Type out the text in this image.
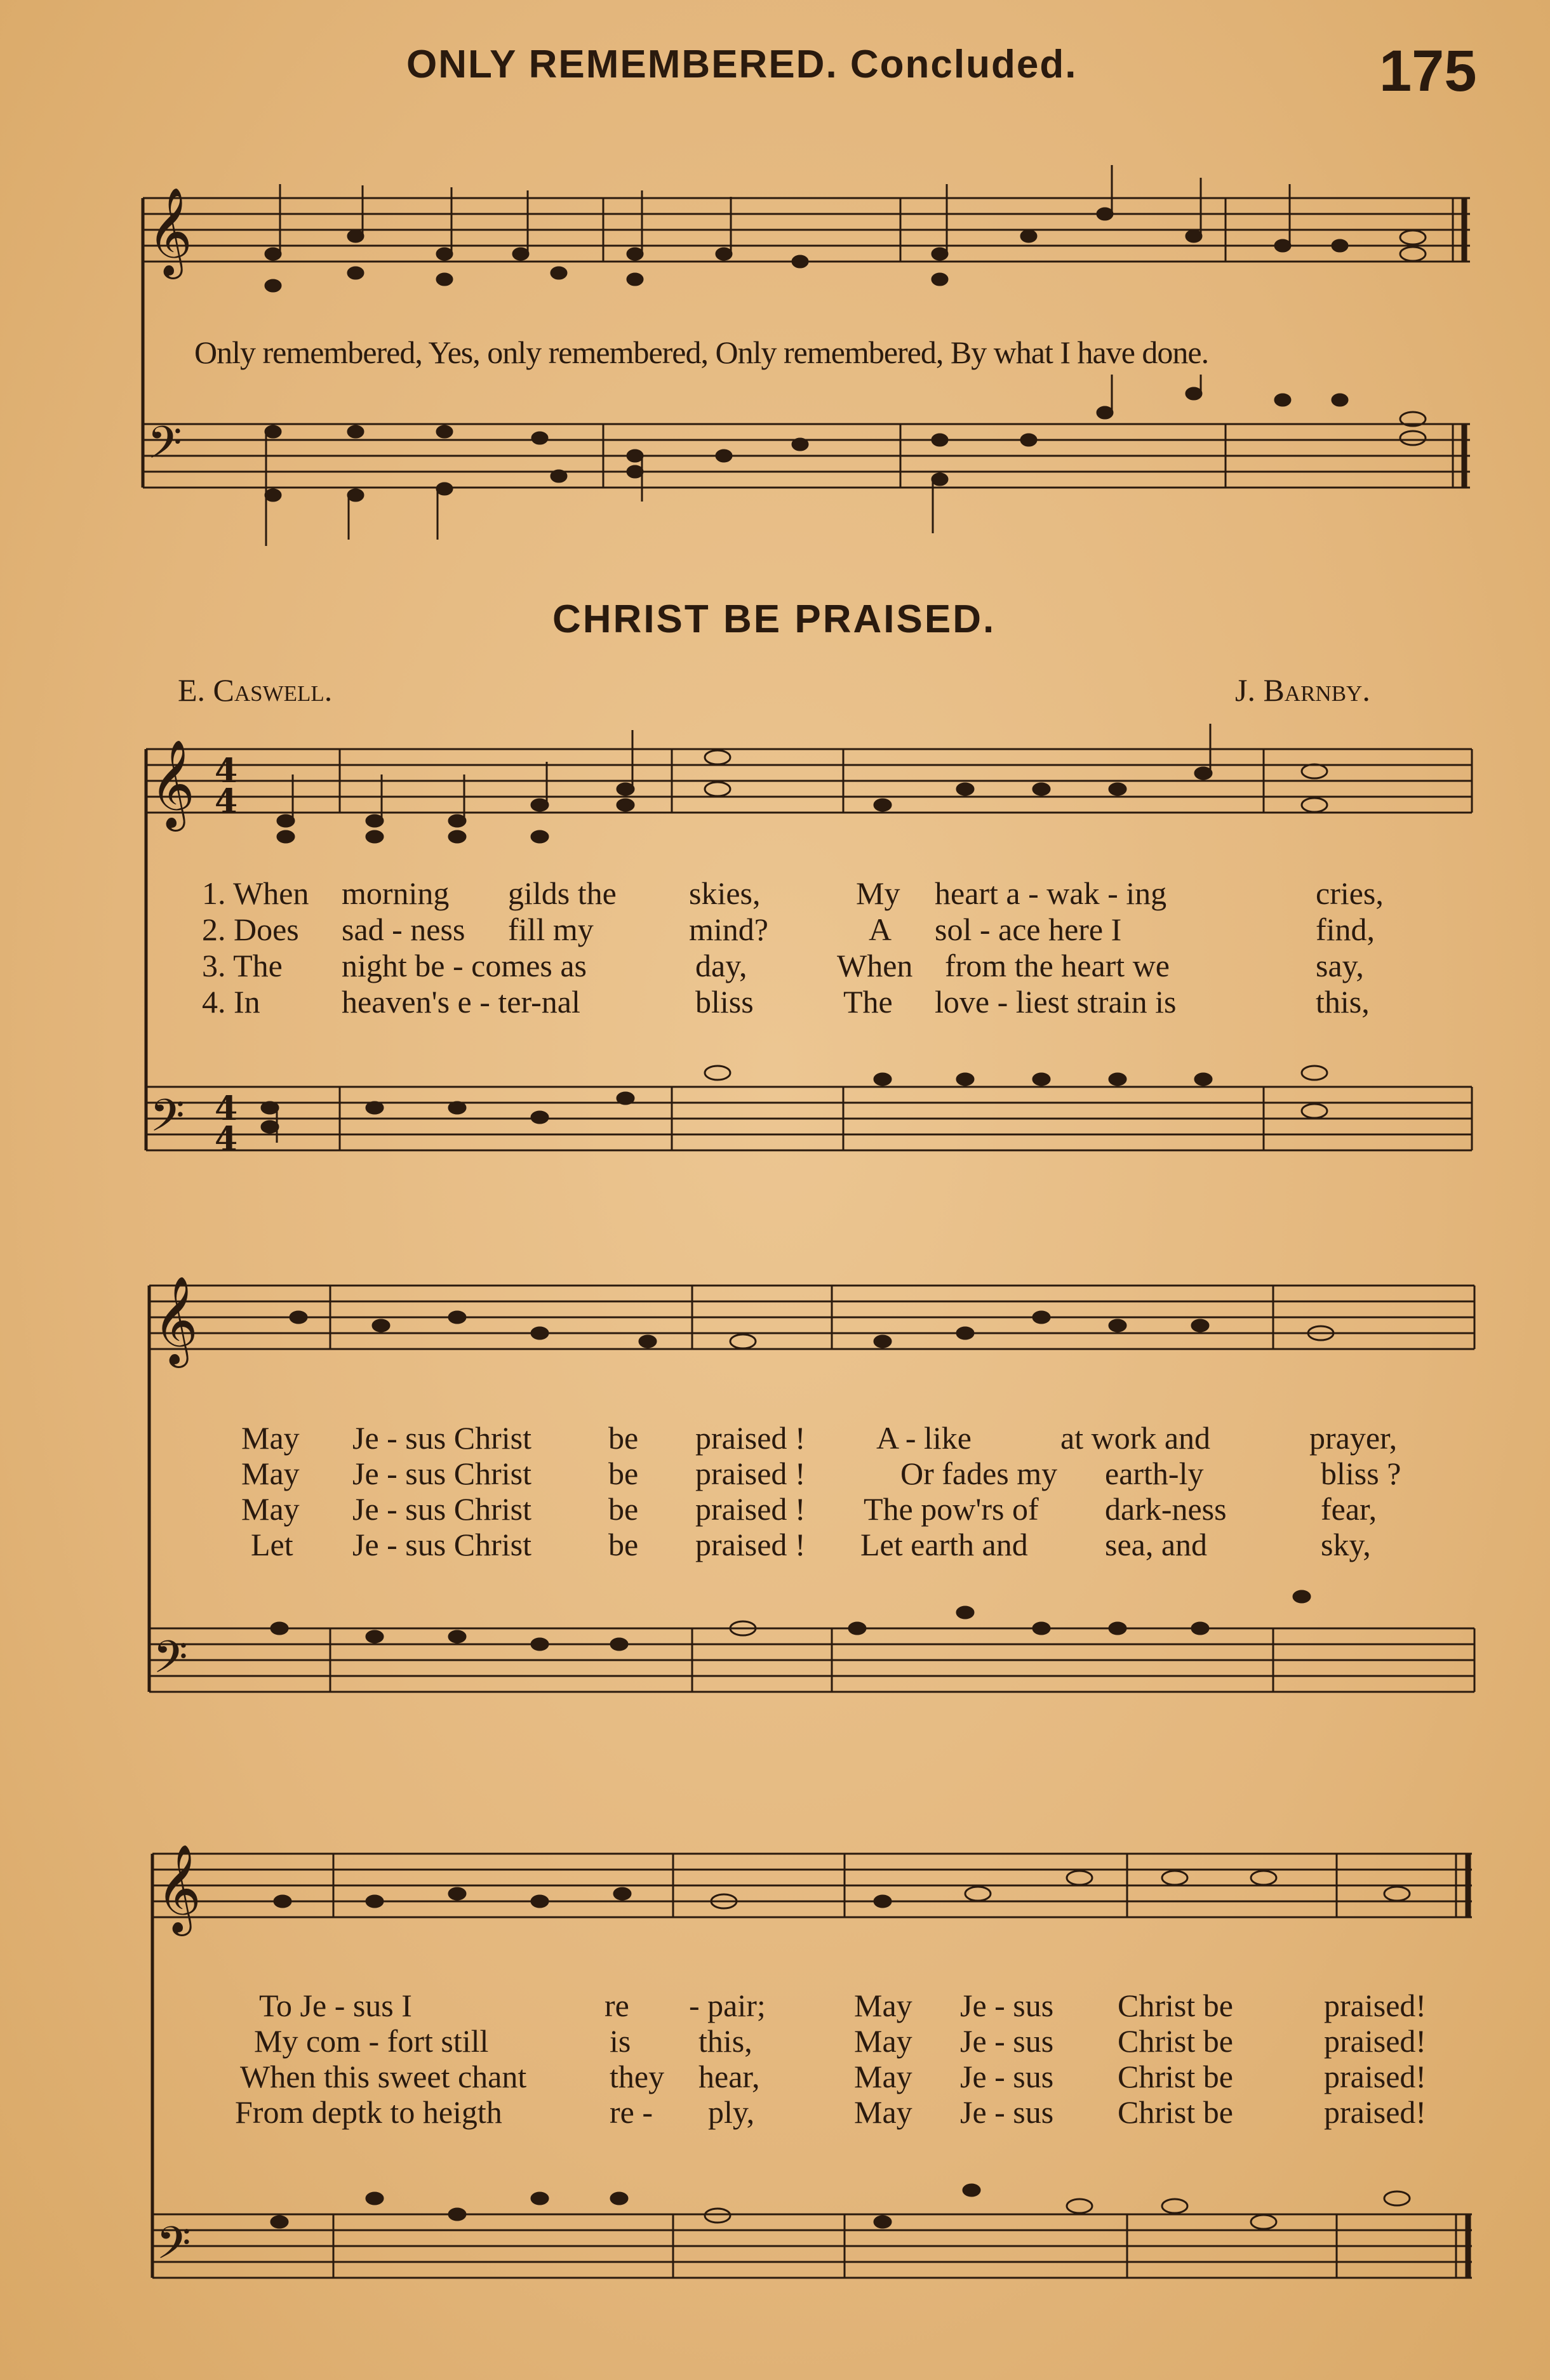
ONLY REMEMBERED. Concluded.	175
𝄞
𝄢
Only remembered, Yes, only remembered, Only remembered, By what I have done.
CHRIST BE PRAISED.
E. Caswell.	J. Barnby.
𝄞
𝄢
4
4
4
4
𝄞
𝄢
𝄞
𝄢
1. When
2. Does
3. The
4. In
morning
sad - ness
night be - comes as
heaven's e - ter-nal
gilds the
fill my
skies,
mind?
day,
bliss
My
A
When
The
heart a - wak - ing
sol - ace here I
from the heart we
love - liest strain is
cries,
find,
say,
this,
May
May
May
Let
Je - sus Christ
Je - sus Christ
Je - sus Christ
Je - sus Christ
be
be
be
be
praised !
praised !
praised !
praised !
A - like
Or fades my
The pow'rs of
Let earth and
at work and
earth-ly
dark-ness
sea, and
prayer,
bliss ?
fear,
sky,
To Je - sus I
My com - fort still
When this sweet chant
From deptk to heigth
re
is
they
re -
- pair;
this,
hear,
ply,
May
May
May
May
Je - sus
Je - sus
Je - sus
Je - sus
Christ be
Christ be
Christ be
Christ be
praised!
praised!
praised!
praised!
